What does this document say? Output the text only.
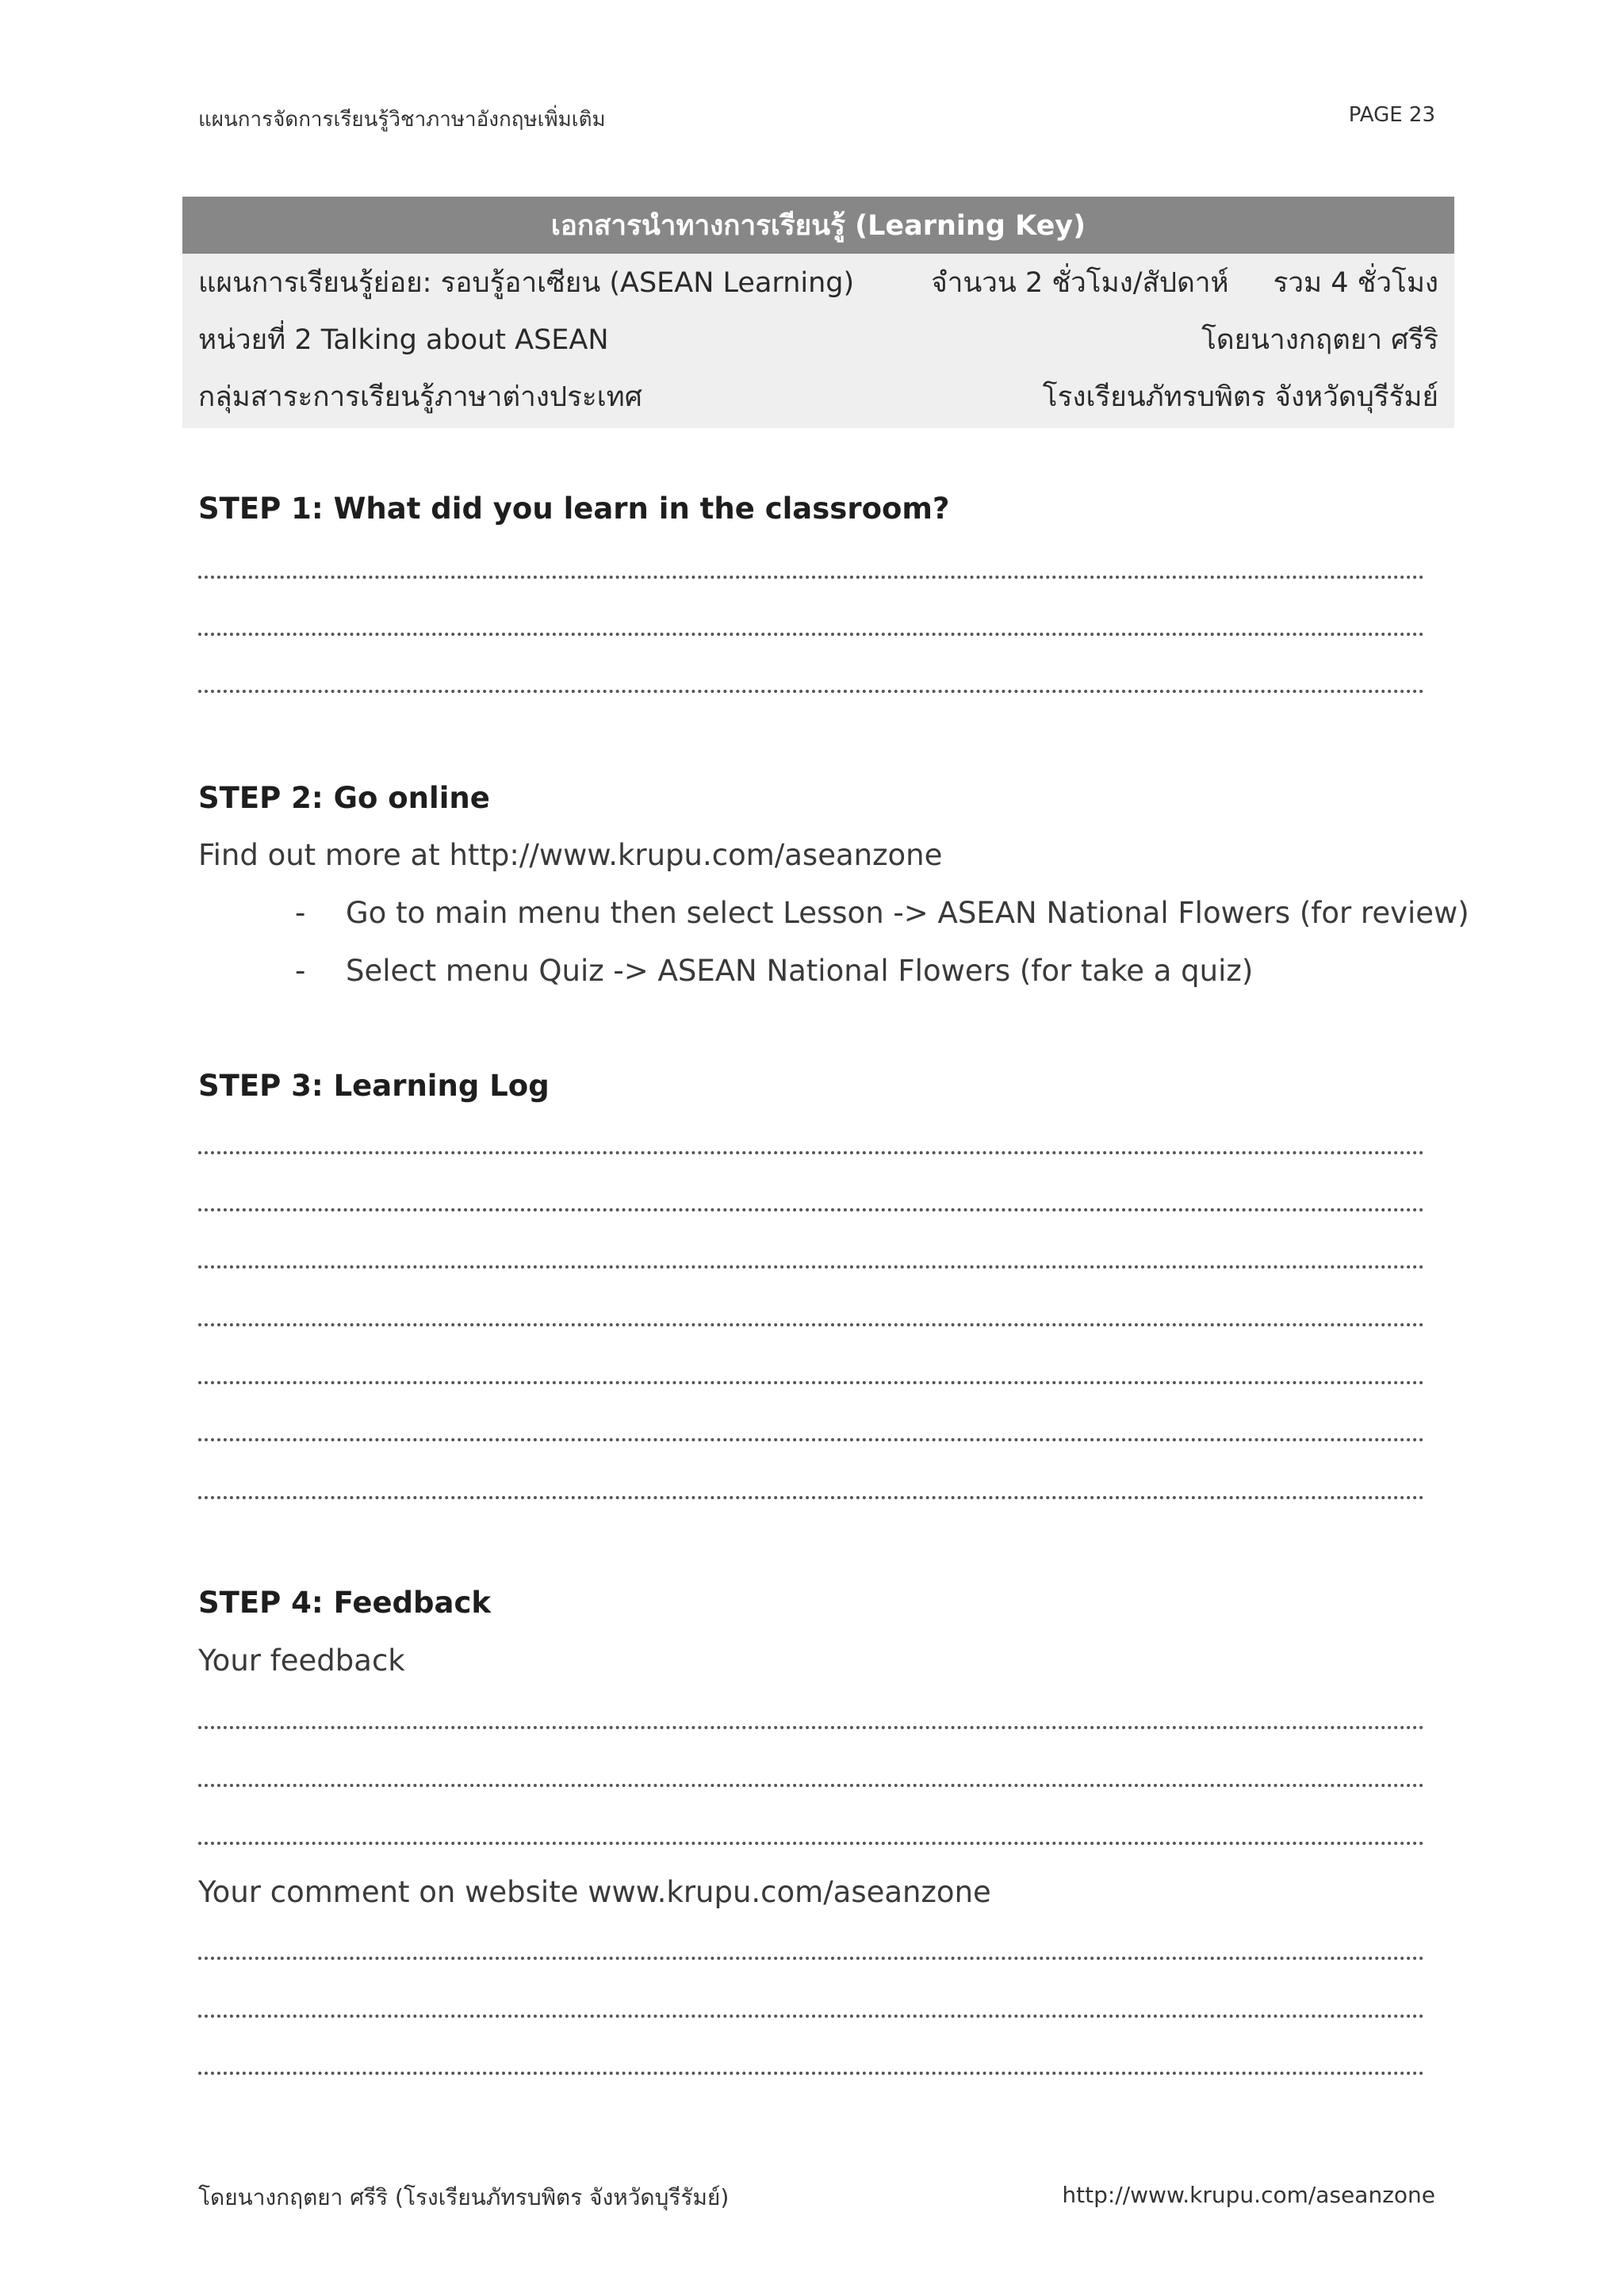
แผนการจัดการเรียนรู้วิชาภาษาอังกฤษเพิ่มเติม	PAGE 23
เอกสารนำทางการเรียนรู้ (Learning Key)
แผนการเรียนรู้ย่อย: รอบรู้อาเซียน (ASEAN Learning)	จำนวน 2 ชั่วโมง/สัปดาห์ รวม 4 ชั่วโมง
หน่วยที่ 2 Talking about ASEAN	โดยนางกฤตยา ศรีริ
กลุ่มสาระการเรียนรู้ภาษาต่างประเทศ	โรงเรียนภัทรบพิตร จังหวัดบุรีรัมย์
STEP 1: What did you learn in the classroom?
STEP 2: Go online
Find out more at http://www.krupu.com/aseanzone
- Go to main menu then select Lesson -> ASEAN National Flowers (for review)
- Select menu Quiz -> ASEAN National Flowers (for take a quiz)
STEP 3: Learning Log
STEP 4: Feedback
Your feedback
Your comment on website www.krupu.com/aseanzone
โดยนางกฤตยา ศรีริ (โรงเรียนภัทรบพิตร จังหวัดบุรีรัมย์)	http://www.krupu.com/aseanzone
